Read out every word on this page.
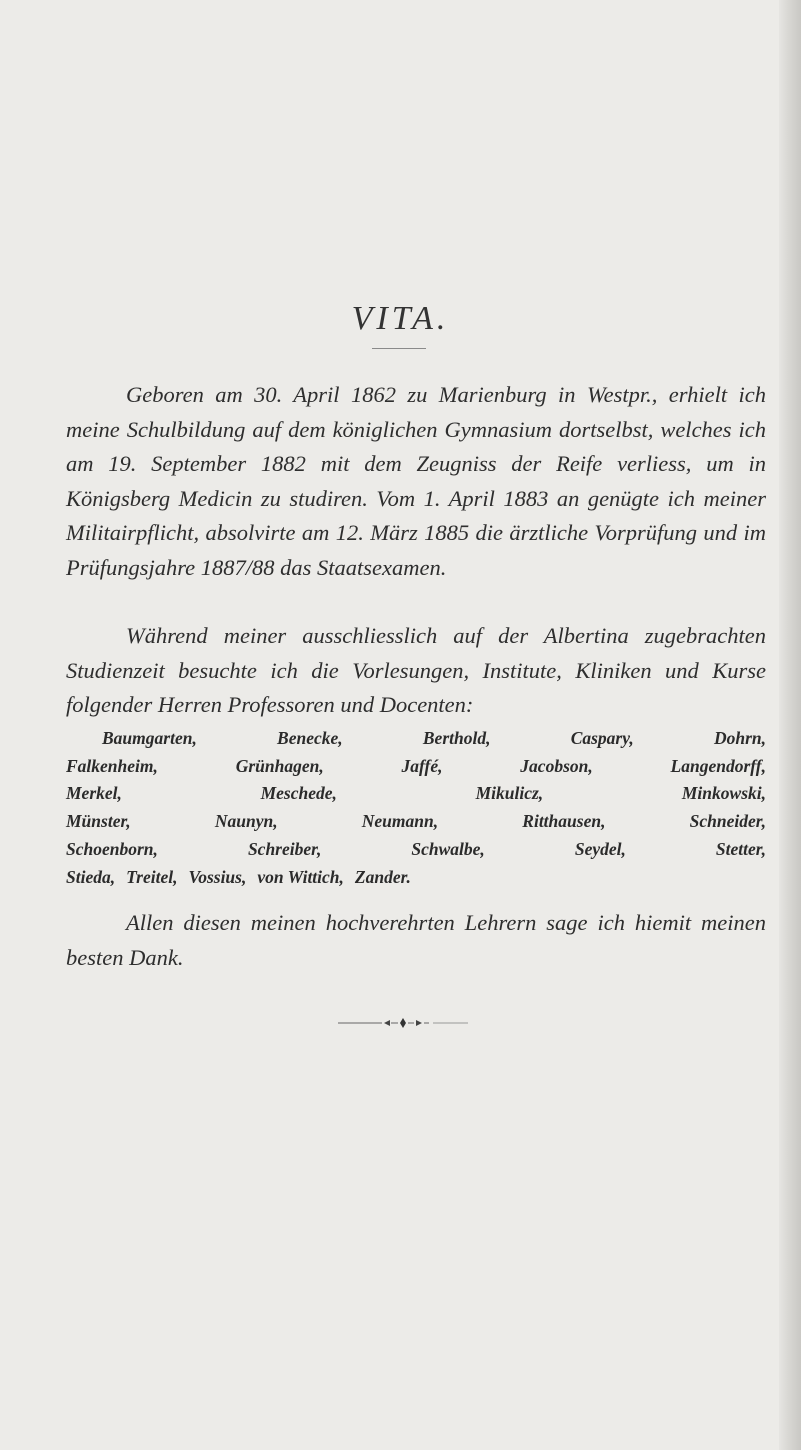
VITA.

Geboren am 30. April 1862 zu Marienburg in Westpr., erhielt ich meine Schulbildung auf dem königlichen Gymnasium dortselbst, welches ich am 19. September 1882 mit dem Zeugniss der Reife verliess, um in Königsberg Medicin zu studiren. Vom 1. April 1883 an genügte ich meiner Militairpflicht, absolvirte am 12. März 1885 die ärztliche Vorprüfung und im Prüfungsjahre 1887/88 das Staatsexamen.

Während meiner ausschliesslich auf der Albertina zugebrachten Studienzeit besuchte ich die Vorlesungen, Institute, Kliniken und Kurse folgender Herren Professoren und Docenten:

Baumgarten,	Benecke,	Berthold,	Caspary,	Dohrn,
Falkenheim,	Grünhagen,	Jaffé,	Jacobson,	Langendorff,
Merkel,	Meschede,	Mikulicz,	Minkowski,
Münster,	Naunyn,	Neumann,	Ritthausen,	Schneider,
Schoenborn,	Schreiber,	Schwalbe,	Seydel,	Stetter,
Stieda, Treitel, Vossius, von Wittich, Zander.

Allen diesen meinen hochverehrten Lehrern sage ich hiemit meinen besten Dank.
